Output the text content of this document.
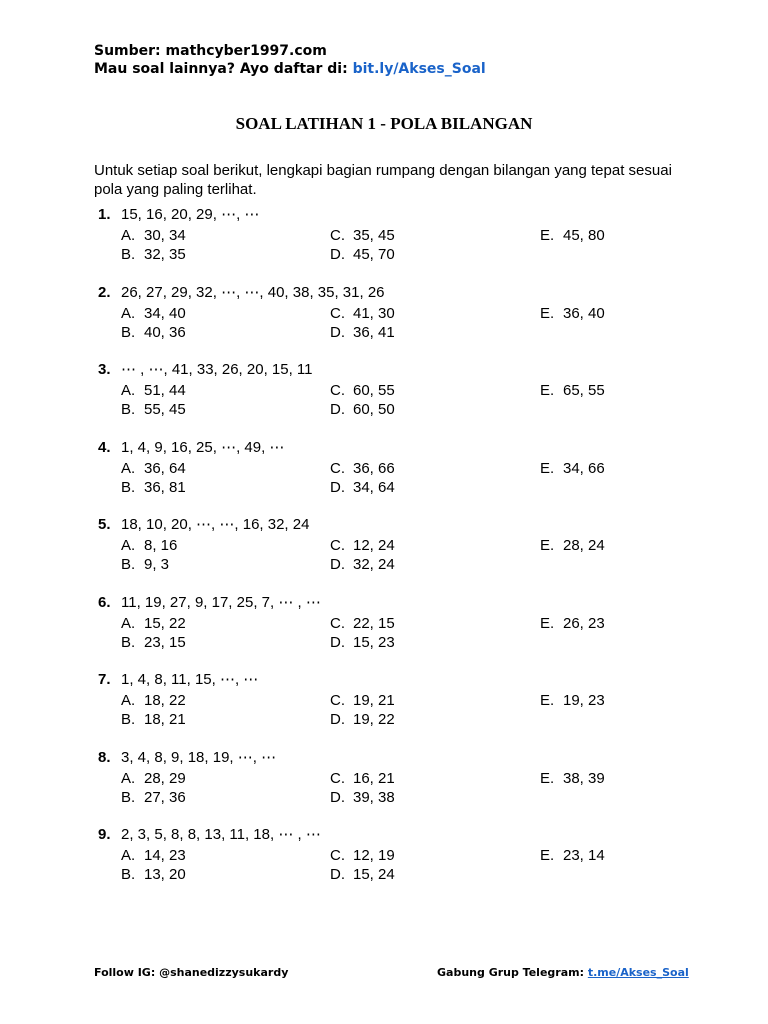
Sumber: mathcyber1997.com
Mau soal lainnya? Ayo daftar di: bit.ly/Akses_Soal
SOAL LATIHAN 1 - POLA BILANGAN
Untuk setiap soal berikut, lengkapi bagian rumpang dengan bilangan yang tepat sesuai pola yang paling terlihat.
1. 15, 16, 20, 29, ⋯, ⋯
A. 30, 34
B. 32, 35
C. 35, 45
D. 45, 70
E. 45, 80
2. 26, 27, 29, 32, ⋯, ⋯, 40, 38, 35, 31, 26
A. 34, 40
B. 40, 36
C. 41, 30
D. 36, 41
E. 36, 40
3. ⋯ , ⋯, 41, 33, 26, 20, 15, 11
A. 51, 44
B. 55, 45
C. 60, 55
D. 60, 50
E. 65, 55
4. 1, 4, 9, 16, 25, ⋯, 49, ⋯
A. 36, 64
B. 36, 81
C. 36, 66
D. 34, 64
E. 34, 66
5. 18, 10, 20, ⋯, ⋯, 16, 32, 24
A. 8, 16
B. 9, 3
C. 12, 24
D. 32, 24
E. 28, 24
6. 11, 19, 27, 9, 17, 25, 7, ⋯ , ⋯
A. 15, 22
B. 23, 15
C. 22, 15
D. 15, 23
E. 26, 23
7. 1, 4, 8, 11, 15, ⋯, ⋯
A. 18, 22
B. 18, 21
C. 19, 21
D. 19, 22
E. 19, 23
8. 3, 4, 8, 9, 18, 19, ⋯, ⋯
A. 28, 29
B. 27, 36
C. 16, 21
D. 39, 38
E. 38, 39
9. 2, 3, 5, 8, 8, 13, 11, 18, ⋯ , ⋯
A. 14, 23
B. 13, 20
C. 12, 19
D. 15, 24
E. 23, 14
Follow IG: @shanedizzysukardy	Gabung Grup Telegram: t.me/Akses_Soal
